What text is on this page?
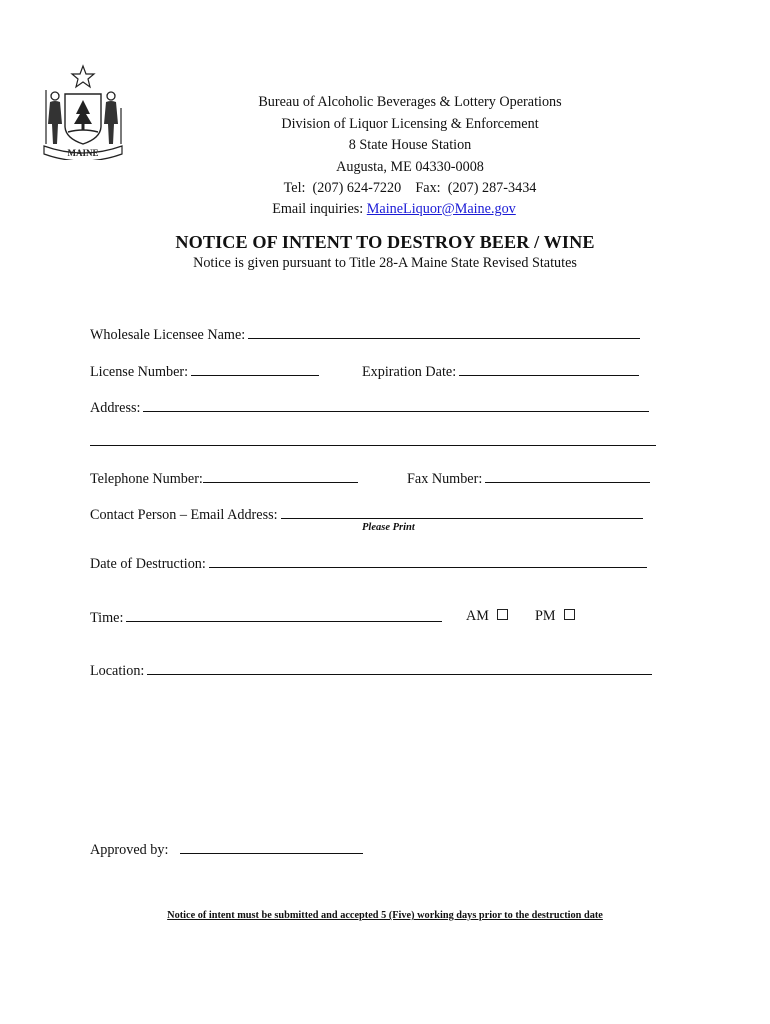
MAINE
Bureau of Alcoholic Beverages & Lottery Operations
Division of Liquor Licensing & Enforcement
8 State House Station
Augusta, ME 04330-0008
Tel:  (207) 624-7220    Fax:  (207) 287-3434
Email inquiries: MaineLiquor@Maine.gov
NOTICE OF INTENT TO DESTROY BEER / WINE
Notice is given pursuant to Title 28-A Maine State Revised Statutes
Wholesale Licensee Name:
License Number:	Expiration Date:
Address:
Telephone Number:	Fax Number:
Contact Person – Email Address:
Please Print
Date of Destruction:
Time:	AM	PM
Location:
Approved by:
Notice of intent must be submitted and accepted 5 (Five) working days prior to the destruction date
